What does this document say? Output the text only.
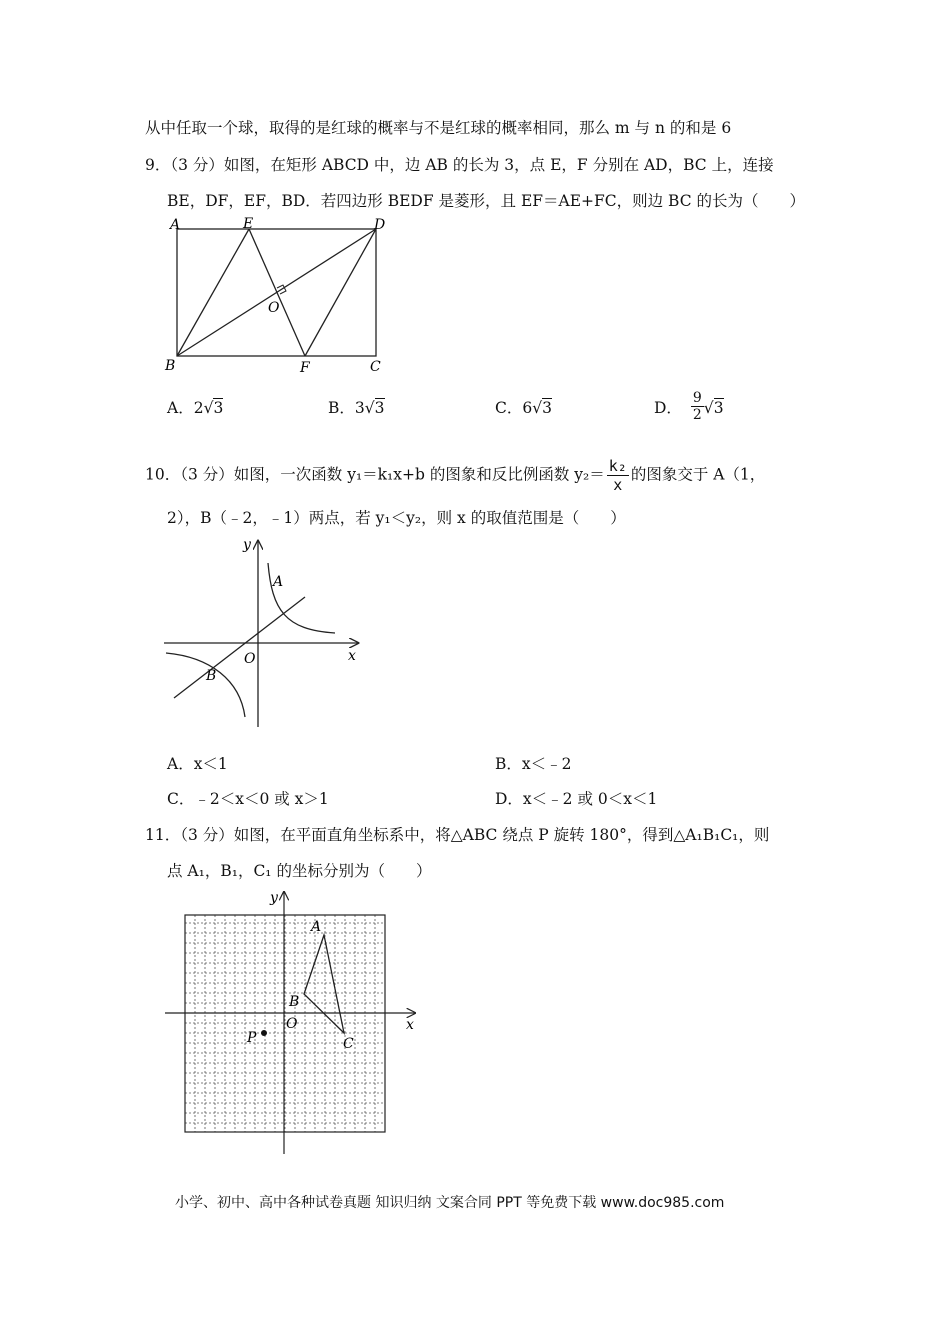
从中任取一个球，取得的是红球的概率与不是红球的概率相同，那么 m 与 n 的和是 6
9．（3 分）如图，在矩形 ABCD 中，边 AB 的长为 3，点 E，F 分别在 AD，BC 上，连接
BE，DF，EF，BD．若四边形 BEDF 是菱形，且 EF＝AE+FC，则边 BC 的长为（　　）
A	E	D
O
B	F	C
A．2√3	B．3√3	C．6√3	D． $\frac{9}{2} √3$
10．（3 分）如图，一次函数 y₁＝k₁x+b 的图象和反比例函数 $y_2= \frac{\text{k₂}}{x}$ 的图象交于 A（1，
2），B（﹣2，﹣1）两点，若 y₁＜y₂，则 x 的取值范围是（　　）
y
x
O
A
B
A．x＜1	B．x＜﹣2
C．﹣2＜x＜0 或 x＞1	D．x＜﹣2 或 0＜x＜1
11．（3 分）如图，在平面直角坐标系中，将△ABC 绕点 P 旋转 180°，得到△A₁B₁C₁，则
点 A₁，B₁，C₁ 的坐标分别为（　　）
y
x
O
A
B
C
P
小学、初中、高中各种试卷真题 知识归纳 文案合同 PPT 等免费下载 www.doc985.com
